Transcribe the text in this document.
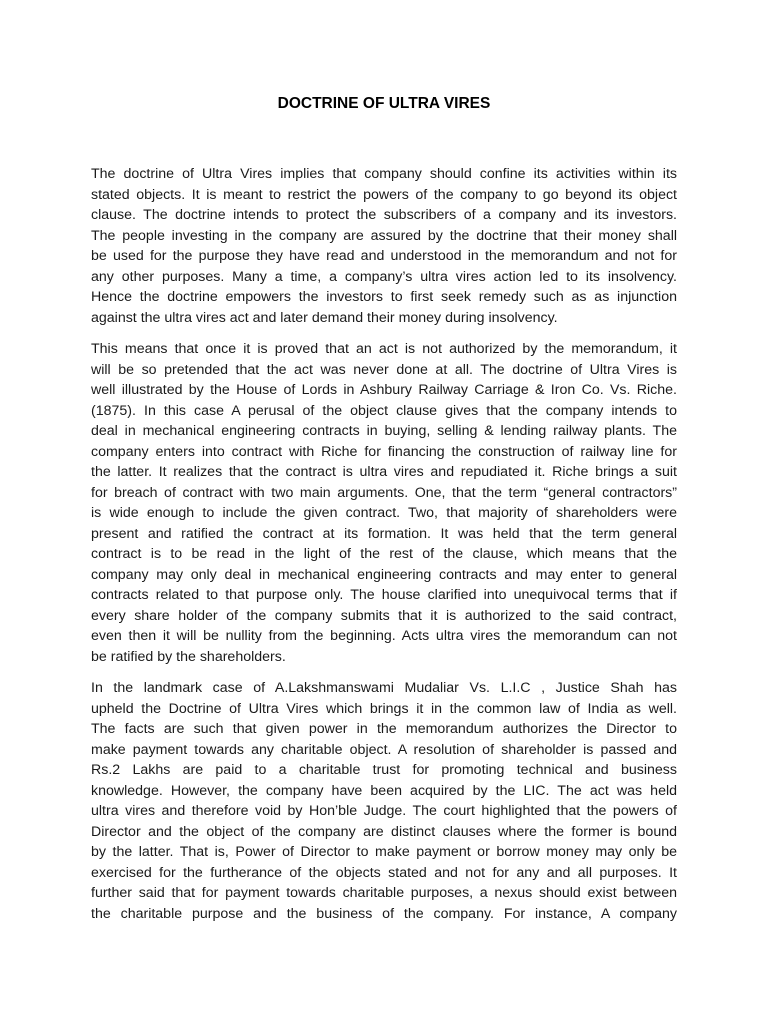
DOCTRINE OF ULTRA VIRES

The doctrine of Ultra Vires implies that company should confine its activities within its
stated objects. It is meant to restrict the powers of the company to go beyond its object
clause. The doctrine intends to protect the subscribers of a company and its investors.
The people investing in the company are assured by the doctrine that their money shall
be used for the purpose they have read and understood in the memorandum and not for
any other purposes. Many a time, a company’s ultra vires action led to its insolvency.
Hence the doctrine empowers the investors to first seek remedy such as as injunction
against the ultra vires act and later demand their money during insolvency.

This means that once it is proved that an act is not authorized by the memorandum, it
will be so pretended that the act was never done at all. The doctrine of Ultra Vires is
well illustrated by the House of Lords in Ashbury Railway Carriage & Iron Co. Vs. Riche.
(1875). In this case A perusal of the object clause gives that the company intends to
deal in mechanical engineering contracts in buying, selling & lending railway plants. The
company enters into contract with Riche for financing the construction of railway line for
the latter. It realizes that the contract is ultra vires and repudiated it. Riche brings a suit
for breach of contract with two main arguments. One, that the term “general contractors”
is wide enough to include the given contract. Two, that majority of shareholders were
present and ratified the contract at its formation. It was held that the term general
contract is to be read in the light of the rest of the clause, which means that the
company may only deal in mechanical engineering contracts and may enter to general
contracts related to that purpose only. The house clarified into unequivocal terms that if
every share holder of the company submits that it is authorized to the said contract,
even then it will be nullity from the beginning. Acts ultra vires the memorandum can not
be ratified by the shareholders.

In the landmark case of A.Lakshmanswami Mudaliar Vs. L.I.C , Justice Shah has
upheld the Doctrine of Ultra Vires which brings it in the common law of India as well.
The facts are such that given power in the memorandum authorizes the Director to
make payment towards any charitable object. A resolution of shareholder is passed and
Rs.2 Lakhs are paid to a charitable trust for promoting technical and business
knowledge. However, the company have been acquired by the LIC. The act was held
ultra vires and therefore void by Hon’ble Judge. The court highlighted that the powers of
Director and the object of the company are distinct clauses where the former is bound
by the latter. That is, Power of Director to make payment or borrow money may only be
exercised for the furtherance of the objects stated and not for any and all purposes. It
further said that for payment towards charitable purposes, a nexus should exist between
the charitable purpose and the business of the company. For instance, A company
